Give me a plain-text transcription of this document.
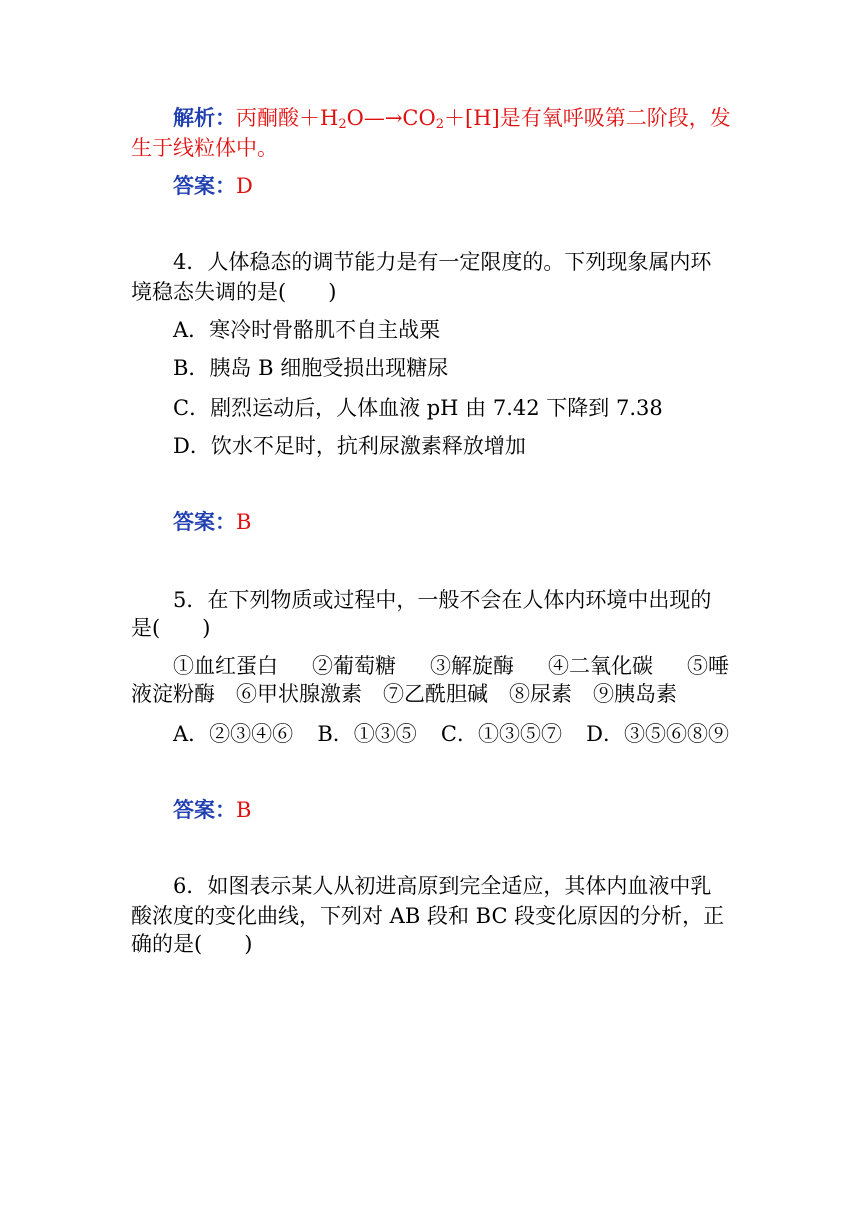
解析：丙酮酸$+H_2O—\to CO_2+[H]$是有氧呼吸第二阶段，发
生于线粒体中。
答案：D
4．人体稳态的调节能力是有一定限度的。下列现象属内环
境稳态失调的是(　　)
A．寒冷时骨骼肌不自主战栗
B．胰岛 B 细胞受损出现糖尿
C．剧烈运动后，人体血液 pH 由 7.42 下降到 7.38
D．饮水不足时，抗利尿激素释放增加
答案：B
5．在下列物质或过程中，一般不会在人体内环境中出现的
是(　　)
①血红蛋白 ②葡萄糖 ③解旋酶 ④二氧化碳 ⑤唾
液淀粉酶　⑥甲状腺激素　⑦乙酰胆碱　⑧尿素　⑨胰岛素
A．②③④⑥ B．①③⑤ C．①③⑤⑦ D．③⑤⑥⑧⑨
答案：B
6．如图表示某人从初进高原到完全适应，其体内血液中乳
酸浓度的变化曲线，下列对 AB 段和 BC 段变化原因的分析，正
确的是(　　)
